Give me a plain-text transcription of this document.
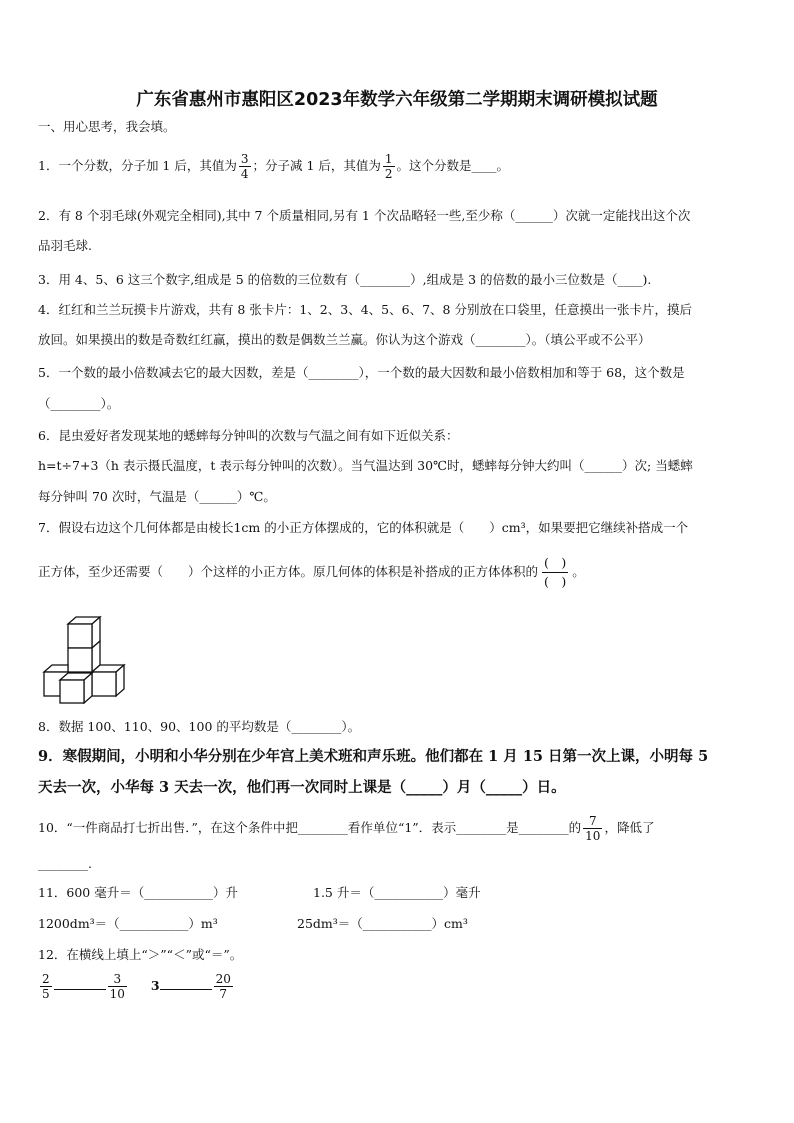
广东省惠州市惠阳区2023年数学六年级第二学期期末调研模拟试题
一、用心思考，我会填。
1．一个分数，分子加 1 后，其值为 $\frac{3}{4}$ ；分子减 1 后，其值为 $\frac{1}{2}$ 。这个分数是____。
2．有 8 个羽毛球(外观完全相同),其中 7 个质量相同,另有 1 个次品略轻一些,至少称（______）次就一定能找出这个次
品羽毛球.
3．用 4、5、6 这三个数字,组成是 5 的倍数的三位数有（________）,组成是 3 的倍数的最小三位数是（____).
4．红红和兰兰玩摸卡片游戏，共有 8 张卡片：1、2、3、4、5、6、7、8 分别放在口袋里，任意摸出一张卡片，摸后
放回。如果摸出的数是奇数红红赢，摸出的数是偶数兰兰赢。你认为这个游戏（________）。（填公平或不公平）
5．一个数的最小倍数减去它的最大因数，差是（________），一个数的最大因数和最小倍数相加和等于 68，这个数是
（________）。
6．昆虫爱好者发现某地的蟋蟀每分钟叫的次数与气温之间有如下近似关系：
h=t÷7+3（h 表示摄氏温度，t 表示每分钟叫的次数）。当气温达到 30℃时，蟋蟀每分钟大约叫（______）次; 当蟋蟀
每分钟叫 70 次时，气温是（______）℃。
7．假设右边这个几何体都是由棱长1cm 的小正方体摆成的，它的体积就是（　　）cm³，如果要把它继续补搭成一个
正方体，至少还需要（　　）个这样的小正方体。原几何体的体积是补搭成的正方体体积的 $\frac{( )}{( )}$ 。
8．数据 100、110、90、100 的平均数是（________）。
9．寒假期间，小明和小华分别在少年宫上美术班和声乐班。他们都在 1 月 15 日第一次上课，小明每 5
天去一次，小华每 3 天去一次，他们再一次同时上课是（_____）月（_____）日。
10．“一件商品打七折出售．”，在这个条件中把________看作单位“1”．表示________是________的 $\frac{7}{10}$ ，降低了
________.
11．600 毫升＝（___________）升	1.5 升＝（___________）毫升
1200dm³＝（___________）m³	25dm³＝（___________）cm³
12．在横线上填上“＞”“＜”或“＝”。
$\frac{2}{5}$	$\frac{3}{10} 3$	$\frac{20}{7}$
